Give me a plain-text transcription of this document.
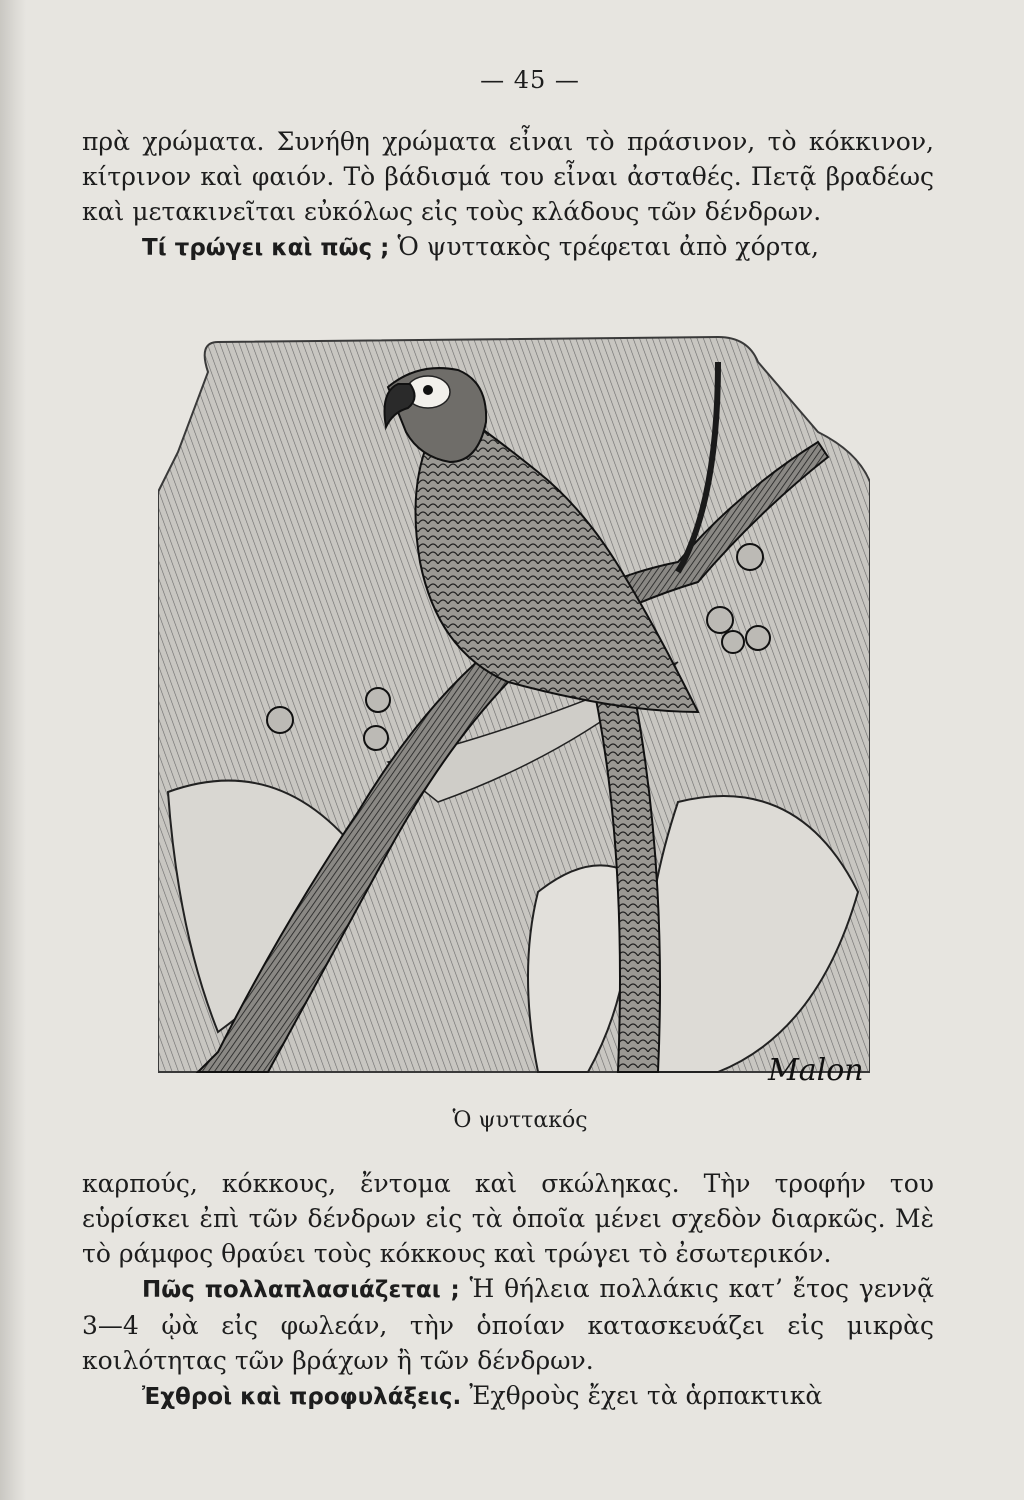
— 45 —

πρὰ χρώματα. Συνήθη χρώματα εἶναι τὸ πράσινον, τὸ κόκκινον, κίτρινον καὶ φαιόν. Τὸ βάδισμά του εἶναι ἀσταθές. Πετᾷ βραδέως καὶ μετακινεῖται εὐκόλως εἰς τοὺς κλάδους τῶν δένδρων.

Τί τρώγει καὶ πῶς ; Ὁ ψυττακὸς τρέφεται ἀπὸ χόρτα,

Malon
Ὁ ψυττακός

καρπούς, κόκκους, ἔντομα καὶ σκώληκας. Τὴν τροφήν του εὑρίσκει ἐπὶ τῶν δένδρων εἰς τὰ ὁποῖα μένει σχεδὸν διαρκῶς. Μὲ τὸ ράμφος θραύει τοὺς κόκκους καὶ τρώγει τὸ ἐσωτερικόν.

Πῶς πολλαπλασιάζεται ; Ἡ θήλεια πολλάκις κατ’ ἔτος γεννᾷ 3—4 ᾠὰ εἰς φωλεάν, τὴν ὁποίαν κατασκευάζει εἰς μικρὰς κοιλότητας τῶν βράχων ἢ τῶν δένδρων.

Ἐχθροὶ καὶ προφυλάξεις. Ἐχθροὺς ἔχει τὰ ἁρπακτικὰ
